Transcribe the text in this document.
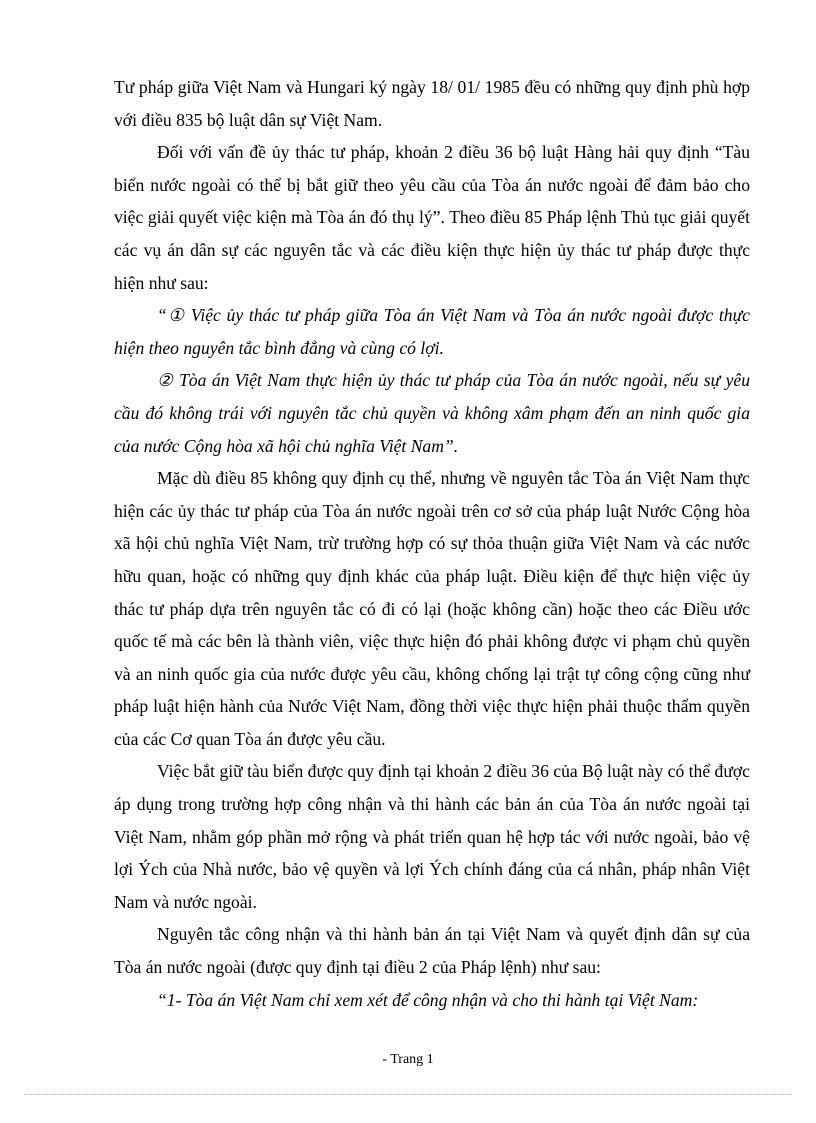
Tư pháp giữa Việt Nam và Hungari ký ngày 18/ 01/ 1985 đều có những quy định phù hợp với điều 835 bộ luật dân sự Việt Nam.

Đối với vấn đề ủy thác tư pháp, khoản 2 điều 36 bộ luật Hàng hải quy định “Tàu biển nước ngoài có thể bị bắt giữ theo yêu cầu của Tòa án nước ngoài để đảm bảo cho việc giải quyết việc kiện mà Tòa án đó thụ lý”. Theo điều 85 Pháp lệnh Thủ tục giải quyết các vụ án dân sự các nguyên tắc và các điều kiện thực hiện ủy thác tư pháp được thực hiện như sau:

“① Việc ủy thác tư pháp giữa Tòa án Việt Nam và Tòa án nước ngoài được thực hiện theo nguyên tắc bình đẳng và cùng có lợi.

② Tòa án Việt Nam thực hiện ủy thác tư pháp của Tòa án nước ngoài, nếu sự yêu cầu đó không trái với nguyên tắc chủ quyền và không xâm phạm đến an ninh quốc gia của nước Cộng hòa xã hội chủ nghĩa Việt Nam”.

Mặc dù điều 85 không quy định cụ thể, nhưng về nguyên tắc Tòa án Việt Nam thực hiện các ủy thác tư pháp của Tòa án nước ngoài trên cơ sở của pháp luật Nước Cộng hòa xã hội chủ nghĩa Việt Nam, trừ trường hợp có sự thỏa thuận giữa Việt Nam và các nước hữu quan, hoặc có những quy định khác của pháp luật. Điều kiện để thực hiện việc ủy thác tư pháp dựa trên nguyên tắc có đi có lại (hoặc không cần) hoặc theo các Điều ước quốc tế mà các bên là thành viên, việc thực hiện đó phải không được vi phạm chủ quyền và an ninh quốc gia của nước được yêu cầu, không chống lại trật tự công cộng cũng như pháp luật hiện hành của Nước Việt Nam, đồng thời việc thực hiện phải thuộc thẩm quyền của các Cơ quan Tòa án được yêu cầu.

Việc bắt giữ tàu biển được quy định tại khoản 2 điều 36 của Bộ luật này có thể được áp dụng trong trường hợp công nhận và thi hành các bản án của Tòa án nước ngoài tại Việt Nam, nhằm góp phần mở rộng và phát triển quan hệ hợp tác với nước ngoài, bảo vệ lợi Ých của Nhà nước, bảo vệ quyền và lợi Ých chính đáng của cá nhân, pháp nhân Việt Nam và nước ngoài.

Nguyên tắc công nhận và thi hành bản án tại Việt Nam và quyết định dân sự của Tòa án nước ngoài (được quy định tại điều 2 của Pháp lệnh) như sau:

“1- Tòa án Việt Nam chỉ xem xét để công nhận và cho thi hành tại Việt Nam:

- Trang 1
